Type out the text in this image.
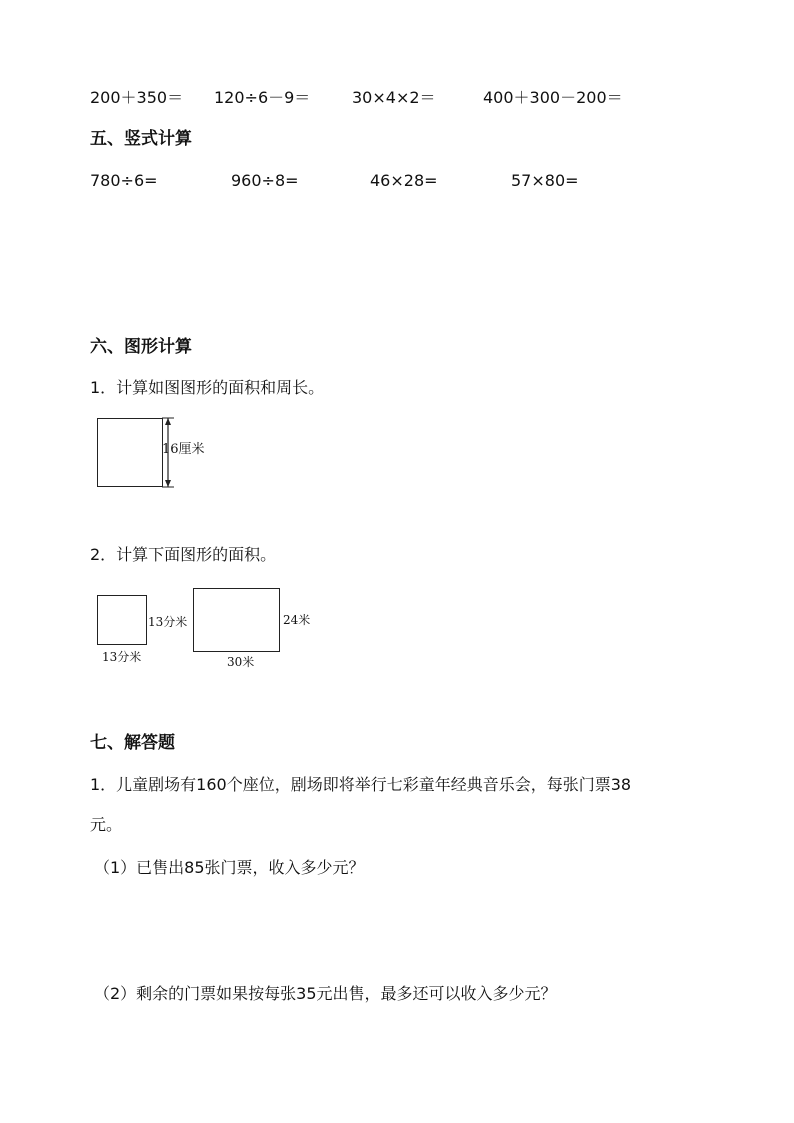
200＋350＝ 120÷6－9＝	30×4×2＝	400＋300－200＝
五、竖式计算
780÷6=	960÷8=	46×28=	57×80=
六、图形计算
1．计算如图图形的面积和周长。
16厘米
2．计算下面图形的面积。
13分米
13分米
24米
30米
七、解答题
1．儿童剧场有160个座位，剧场即将举行七彩童年经典音乐会，每张门票38
元。
（1）已售出85张门票，收入多少元？
（2）剩余的门票如果按每张35元出售，最多还可以收入多少元？
